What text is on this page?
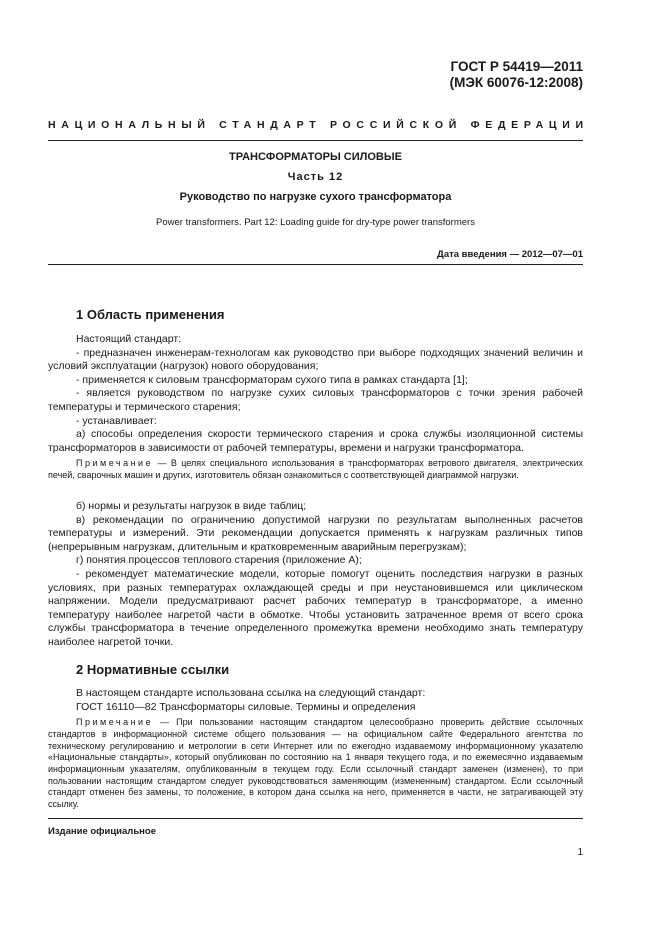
ГОСТ Р 54419—2011
(МЭК 60076-12:2008)
НАЦИОНАЛЬНЫЙ СТАНДАРТ РОССИЙСКОЙ ФЕДЕРАЦИИ
ТРАНСФОРМАТОРЫ СИЛОВЫЕ
Часть 12
Руководство по нагрузке сухого трансформатора
Power transformers. Part 12: Loading guide for dry-type power transformers
Дата введения — 2012—07—01
1 Область применения

Настоящий стандарт:

- предназначен инженерам-технологам как руководство при выборе подходящих значений величин и условий эксплуатации (нагрузок) нового оборудования;

- применяется к силовым трансформаторам сухого типа в рамках стандарта [1];

- является руководством по нагрузке сухих силовых трансформаторов с точки зрения рабочей температуры и термического старения;

- устанавливает:

а) способы определения скорости термического старения и срока службы изоляционной системы трансформаторов в зависимости от рабочей температуры, времени и нагрузки трансформатора.

Примечание — В целях специального использования в трансформаторах ветрового двигателя, электрических печей, сварочных машин и других, изготовитель обязан ознакомиться с соответствующей диаграммой нагрузки.

б) нормы и результаты нагрузок в виде таблиц;

в) рекомендации по ограничению допустимой нагрузки по результатам выполненных расчетов температуры и измерений. Эти рекомендации допускается применять к нагрузкам различных типов (непрерывным нагрузкам, длительным и кратковременным аварийным перегрузкам);

г) понятия процессов теплового старения (приложение А);

- рекомендует математические модели, которые помогут оценить последствия нагрузки в разных условиях, при разных температурах охлаждающей среды и при неустановившемся или циклическом напряжении. Модели предусматривают расчет рабочих температур в трансформаторе, а именно температуру наиболее нагретой части в обмотке. Чтобы установить затраченное время от всего срока службы трансформатора в течение определенного промежутка времени необходимо знать температуру наиболее нагретой точки.

2 Нормативные ссылки

В настоящем стандарте использована ссылка на следующий стандарт:

ГОСТ 16110—82 Трансформаторы силовые. Термины и определения

Примечание — При пользовании настоящим стандартом целесообразно проверить действие ссылочных стандартов в информационной системе общего пользования — на официальном сайте Федерального агентства по техническому регулированию и метрологии в сети Интернет или по ежегодно издаваемому информационному указателю «Национальные стандарты», который опубликован по состоянию на 1 января текущего года, и по ежемесячно издаваемым информационным указателям, опубликованным в текущем году. Если ссылочный стандарт заменен (изменен), то при пользовании настоящим стандартом следует руководствоваться заменяющим (измененным) стандартом. Если ссылочный стандарт отменен без замены, то положение, в котором дана ссылка на него, применяется в части, не затрагивающей эту ссылку.

Издание официальное
1
